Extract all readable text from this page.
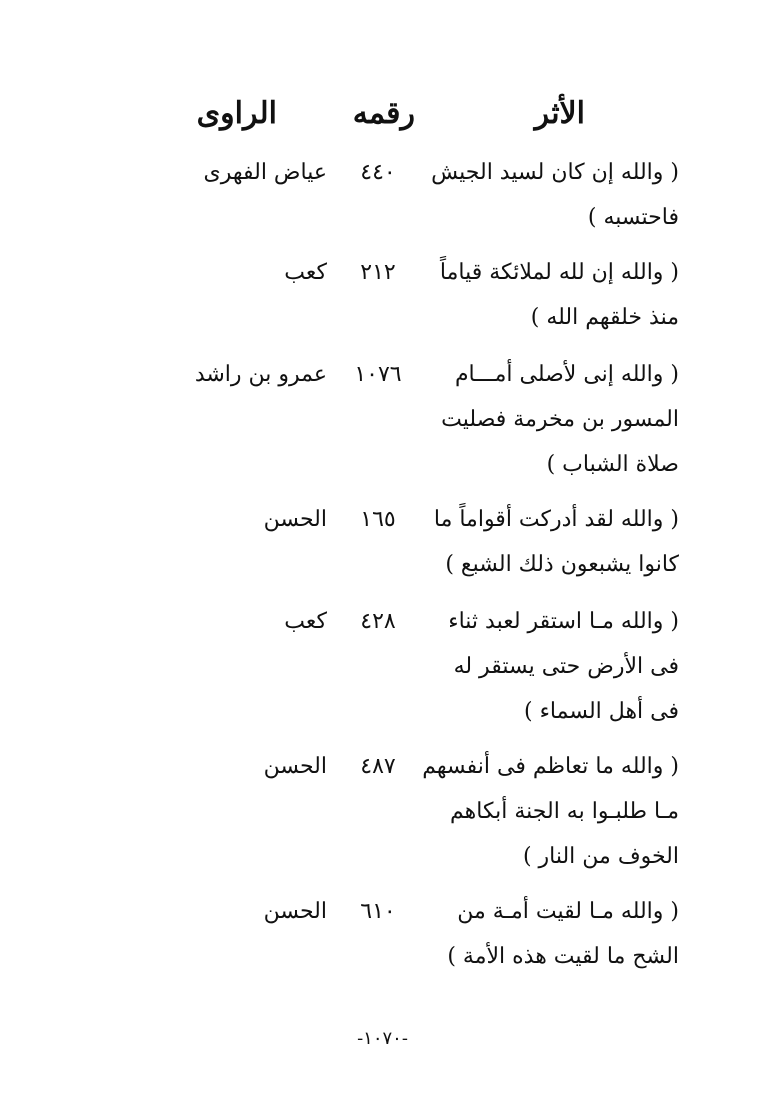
الأثر
رقمه
الراوى
( والله إن كان لسيد الجيش
فاحتسبه )
٤٤٠
عياض الفهرى
( والله إن لله لملائكة قياماً
منذ خلقهم الله )
٢١٢
كعب
( والله إنى لأصلى أمـــام
المسور بن مخرمة فصليت
صلاة الشباب )
١٠٧٦
عمرو بن راشد
( والله لقد أدركت أقواماً ما
كانوا يشبعون ذلك الشبع )
١٦٥
الحسن
( والله مـا استقر لعبد ثناء
فى الأرض حتى يستقر له
فى أهل السماء )
٤٢٨
كعب
( والله ما تعاظم فى أنفسهم
مـا طلبـوا به الجنة أبكاهم
الخوف من النار )
٤٨٧
الحسن
( والله مـا لقيت أمـة من
الشح ما لقيت هذه الأمة )
٦١٠
الحسن
-١٠٧٠-
